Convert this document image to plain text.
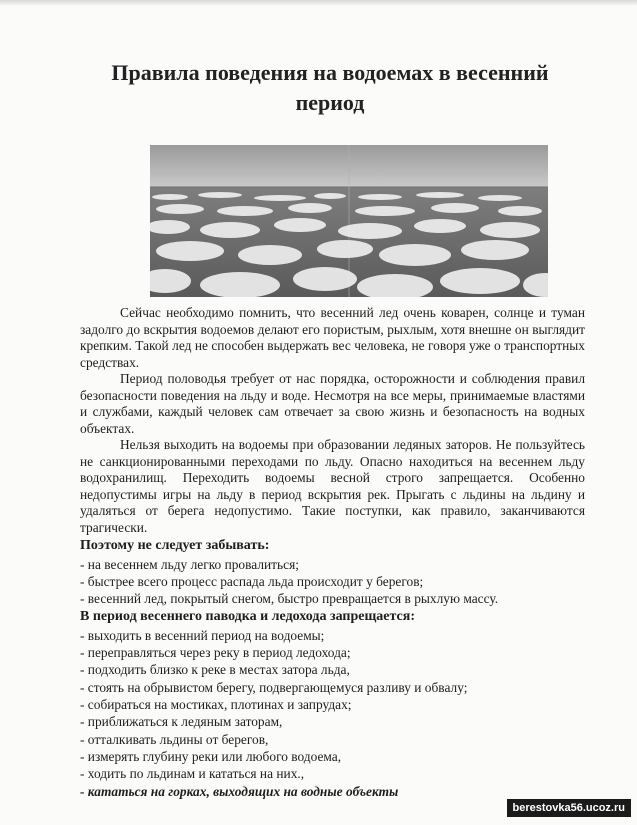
Правила поведения на водоемах в весенний период

Сейчас необходимо помнить, что весенний лед очень коварен, солнце и туман задолго до вскрытия водоемов делают его пористым, рыхлым, хотя внешне он выглядит крепким. Такой лед не способен выдержать вес человека, не говоря уже о транспортных средствах.

Период половодья требует от нас порядка, осторожности и соблюдения правил безопасности поведения на льду и воде. Несмотря на все меры, принимаемые властями и службами, каждый человек сам отвечает за свою жизнь и безопасность на водных объектах.

Нельзя выходить на водоемы при образовании ледяных заторов. Не пользуйтесь не санкционированными переходами по льду. Опасно находиться на весеннем льду водохранилищ. Переходить водоемы весной строго запрещается. Особенно недопустимы игры на льду в период вскрытия рек. Прыгать с льдины на льдину и удаляться от берега недопустимо. Такие поступки, как правило, заканчиваются трагически.

Поэтому не следует забывать:
- на весеннем льду легко провалиться;
- быстрее всего процесс распада льда происходит у берегов;
- весенний лед, покрытый снегом, быстро превращается в рыхлую массу.
В период весеннего паводка и ледохода запрещается:
- выходить в весенний период на водоемы;
- переправляться через реку в период ледохода;
- подходить близко к реке в местах затора льда,
- стоять на обрывистом берегу, подвергающемуся разливу и обвалу;
- собираться на мостиках, плотинах и запрудах;
- приближаться к ледяным заторам,
- отталкивать льдины от берегов,
- измерять глубину реки или любого водоема,
- ходить по льдинам и кататься на них.,
- кататься на горках, выходящих на водные объекты
berestovka56.ucoz.ru
